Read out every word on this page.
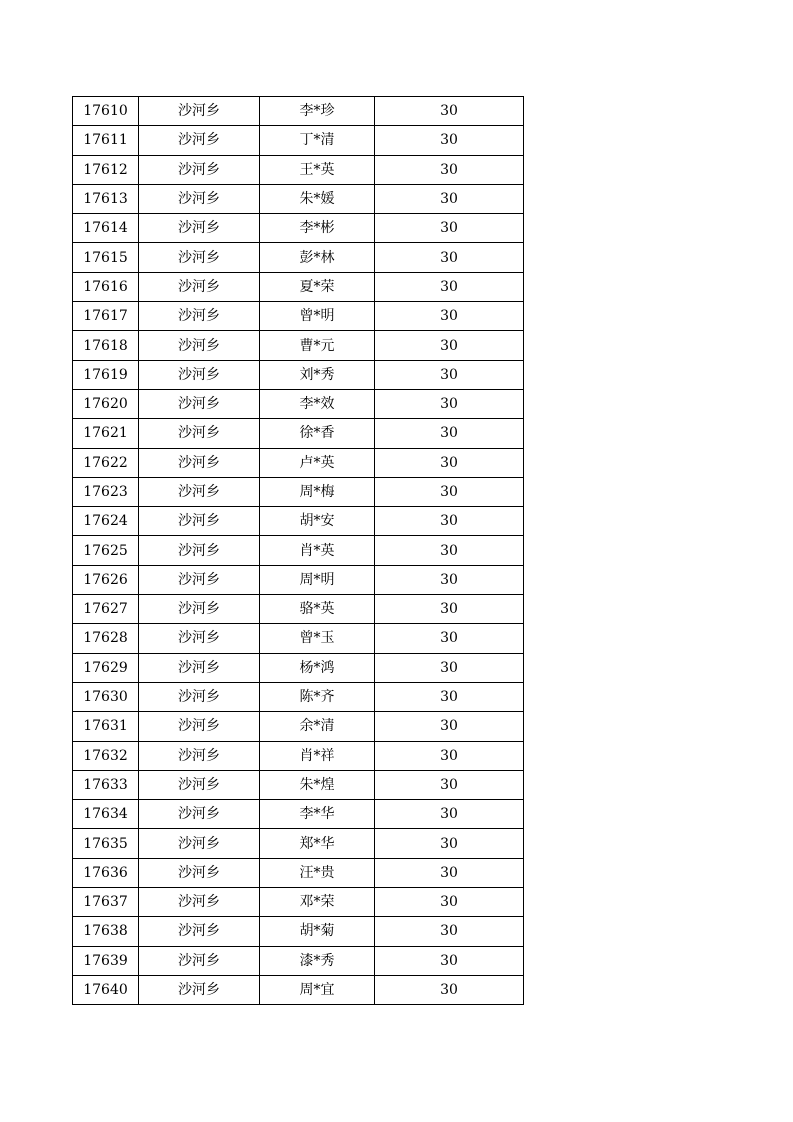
17610	沙河乡	李*珍	30
17611	沙河乡	丁*清	30
17612	沙河乡	王*英	30
17613	沙河乡	朱*媛	30
17614	沙河乡	李*彬	30
17615	沙河乡	彭*林	30
17616	沙河乡	夏*荣	30
17617	沙河乡	曾*明	30
17618	沙河乡	曹*元	30
17619	沙河乡	刘*秀	30
17620	沙河乡	李*效	30
17621	沙河乡	徐*香	30
17622	沙河乡	卢*英	30
17623	沙河乡	周*梅	30
17624	沙河乡	胡*安	30
17625	沙河乡	肖*英	30
17626	沙河乡	周*明	30
17627	沙河乡	骆*英	30
17628	沙河乡	曾*玉	30
17629	沙河乡	杨*鸿	30
17630	沙河乡	陈*齐	30
17631	沙河乡	余*清	30
17632	沙河乡	肖*祥	30
17633	沙河乡	朱*煌	30
17634	沙河乡	李*华	30
17635	沙河乡	郑*华	30
17636	沙河乡	汪*贵	30
17637	沙河乡	邓*荣	30
17638	沙河乡	胡*菊	30
17639	沙河乡	漆*秀	30
17640	沙河乡	周*宜	30
